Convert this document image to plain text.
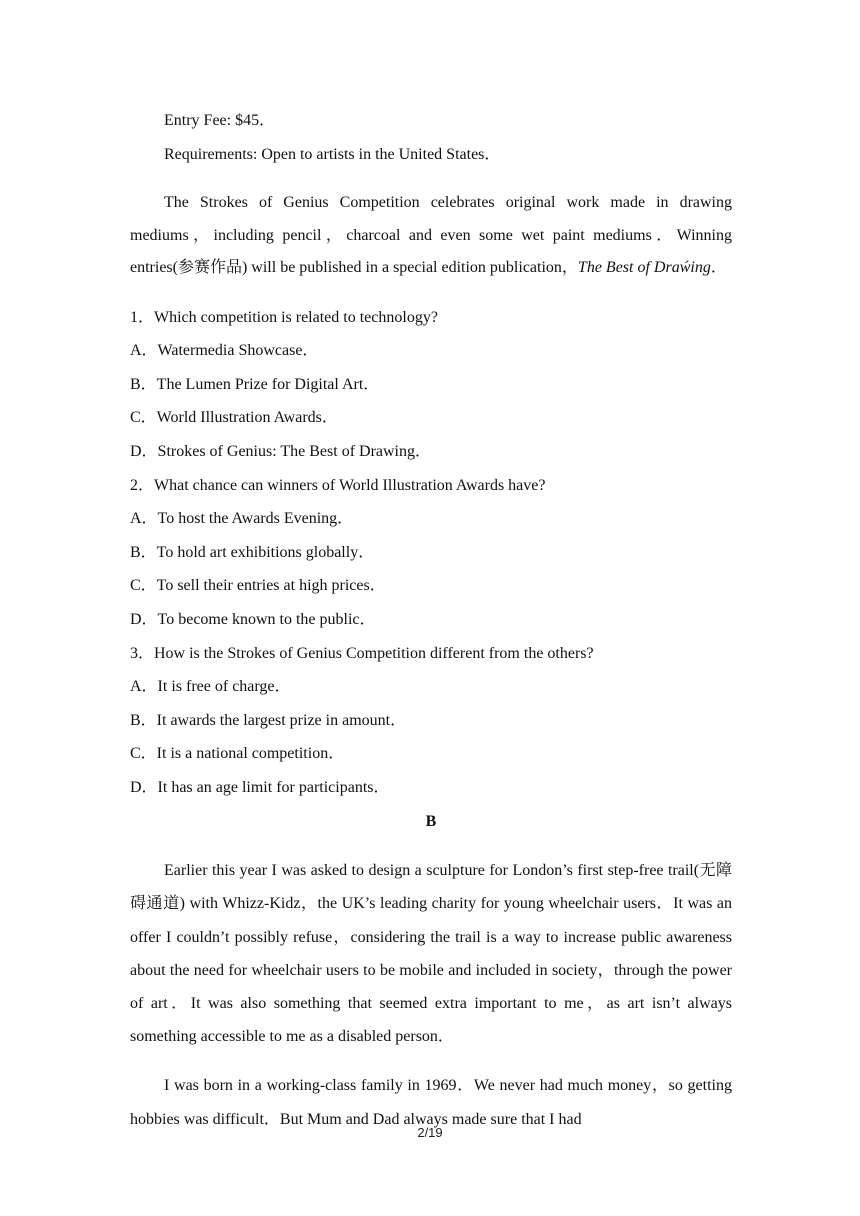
Entry Fee: $45．

Requirements: Open to artists in the United States．

The Strokes of Genius Competition celebrates original work made in drawing mediums，including pencil，charcoal and even some wet paint mediums．Winning entries(参赛作品) will be published in a special edition publication，The Best of Draẃing．

1．Which competition is related to technology?

A．Watermedia Showcase．

B．The Lumen Prize for Digital Art．

C．World Illustration Awards．

D．Strokes of Genius: The Best of Drawing．

2．What chance can winners of World Illustration Awards have?

A．To host the Awards Evening．

B．To hold art exhibitions globally．

C．To sell their entries at high prices．

D．To become known to the public．

3．How is the Strokes of Genius Competition different from the others?

A．It is free of charge．

B．It awards the largest prize in amount．

C．It is a national competition．

D．It has an age limit for participants．

B

Earlier this year I was asked to design a sculpture for London’s first step-free trail(无障碍通道) with Whizz-Kidz，the UK’s leading charity for young wheelchair users．It was an offer I couldn’t possibly refuse，considering the trail is a way to increase public awareness about the need for wheelchair users to be mobile and included in society，through the power of art．It was also something that seemed extra important to me，as art isn’t always something accessible to me as a disabled person．

I was born in a working-class family in 1969．We never had much money，so getting hobbies was difficult．But Mum and Dad always made sure that I had

2/19
